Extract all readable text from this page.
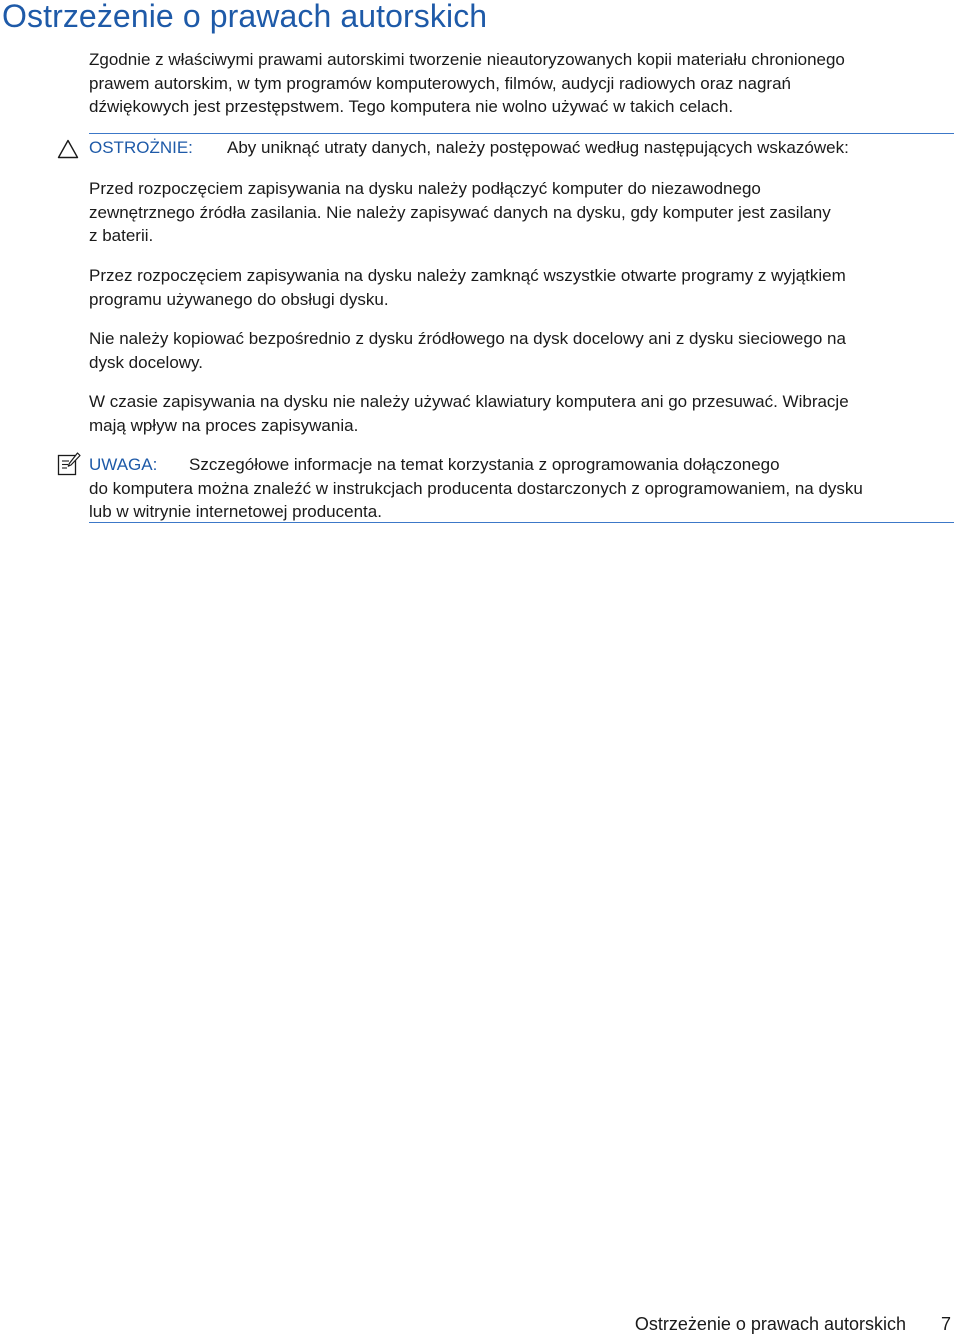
Ostrzeżenie o prawach autorskich

Zgodnie z właściwymi prawami autorskimi tworzenie nieautoryzowanych kopii materiału chronionego
prawem autorskim, w tym programów komputerowych, filmów, audycji radiowych oraz nagrań
dźwiękowych jest przestępstwem. Tego komputera nie wolno używać w takich celach.

OSTROŻNIE: Aby uniknąć utraty danych, należy postępować według następujących wskazówek:

Przed rozpoczęciem zapisywania na dysku należy podłączyć komputer do niezawodnego
zewnętrznego źródła zasilania. Nie należy zapisywać danych na dysku, gdy komputer jest zasilany
z baterii.

Przez rozpoczęciem zapisywania na dysku należy zamknąć wszystkie otwarte programy z wyjątkiem
programu używanego do obsługi dysku.

Nie należy kopiować bezpośrednio z dysku źródłowego na dysk docelowy ani z dysku sieciowego na
dysk docelowy.

W czasie zapisywania na dysku nie należy używać klawiatury komputera ani go przesuwać. Wibracje
mają wpływ na proces zapisywania.

UWAGA: Szczegółowe informacje na temat korzystania z oprogramowania dołączonego
do komputera można znaleźć w instrukcjach producenta dostarczonych z oprogramowaniem, na dysku
lub w witrynie internetowej producenta.

Ostrzeżenie o prawach autorskich 7
